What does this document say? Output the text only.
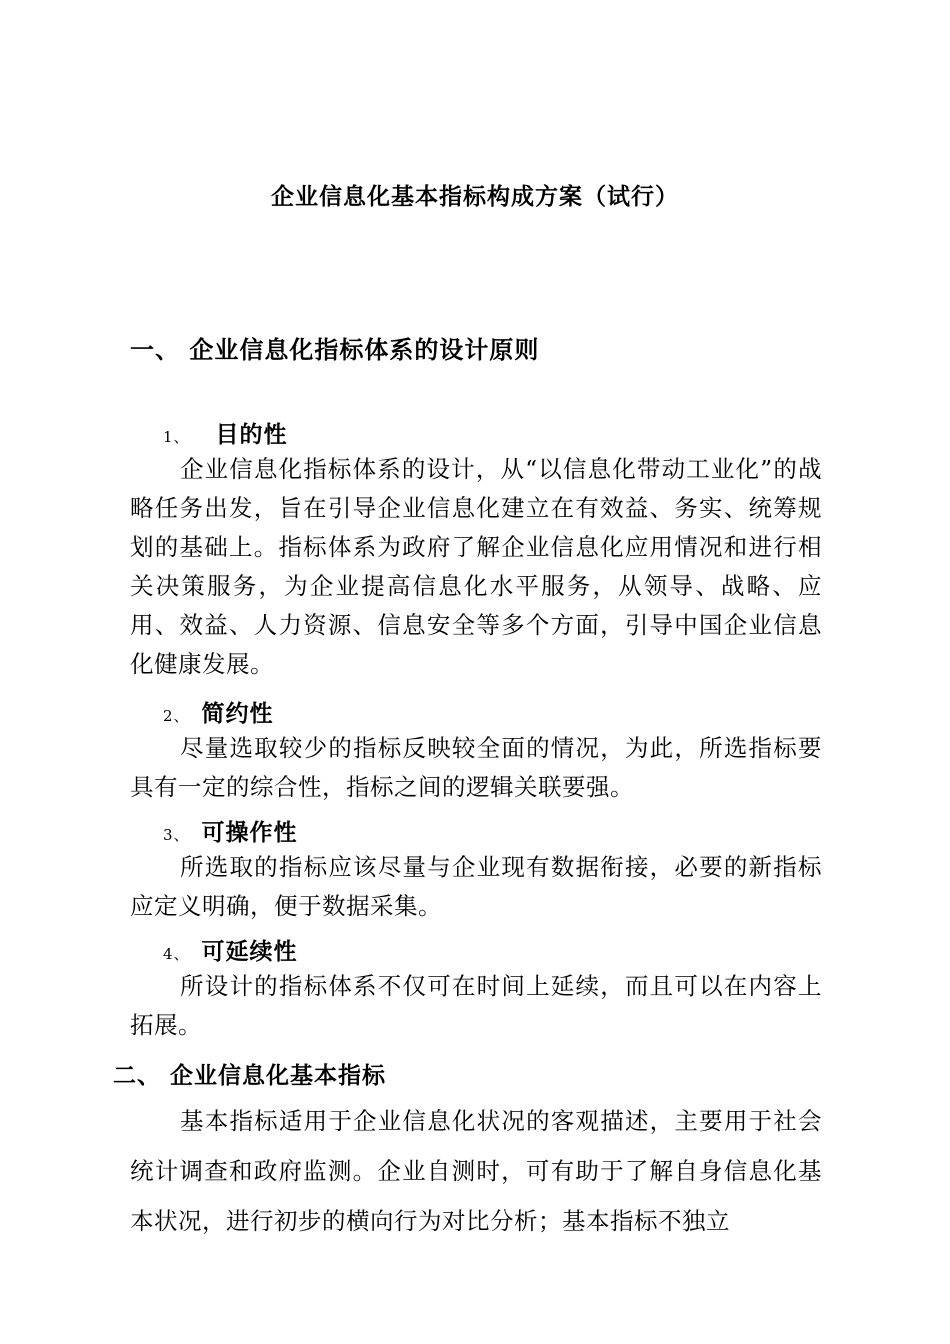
企业信息化基本指标构成方案（试行）
一、 企业信息化指标体系的设计原则
1、 目的性

企业信息化指标体系的设计，从“以信息化带动工业化”的战略任务出发，旨在引导企业信息化建立在有效益、务实、统筹规划的基础上。指标体系为政府了解企业信息化应用情况和进行相关决策服务，为企业提高信息化水平服务，从领导、战略、应用、效益、人力资源、信息安全等多个方面，引导中国企业信息化健康发展。

2、 简约性

尽量选取较少的指标反映较全面的情况，为此，所选指标要具有一定的综合性，指标之间的逻辑关联要强。

3、 可操作性

所选取的指标应该尽量与企业现有数据衔接，必要的新指标应定义明确，便于数据采集。

4、 可延续性

所设计的指标体系不仅可在时间上延续，而且可以在内容上拓展。

二、 企业信息化基本指标

基本指标适用于企业信息化状况的客观描述，主要用于社会统计调查和政府监测。企业自测时，可有助于了解自身信息化基本状况，进行初步的横向行为对比分析；基本指标不独立
